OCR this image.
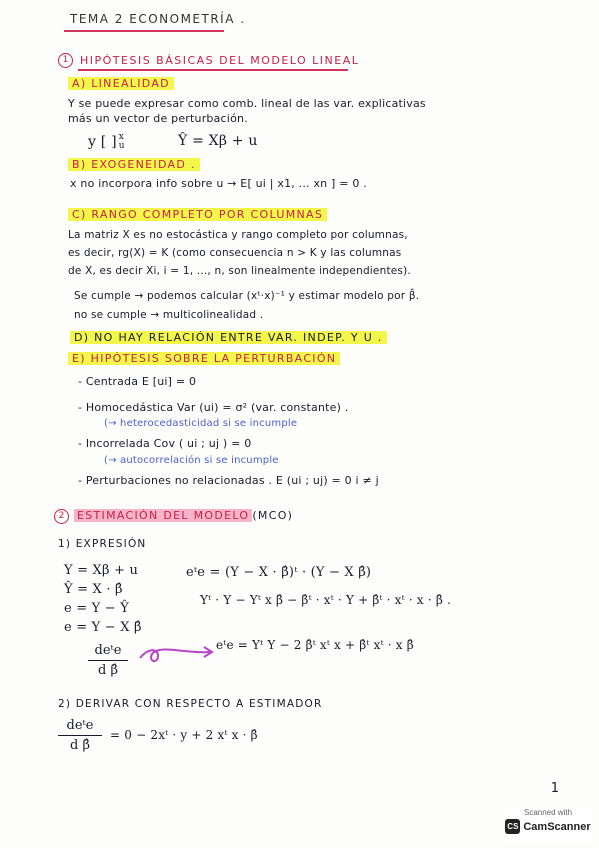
TEMA 2 ECONOMETRÍA .
1	HIPÓTESIS BÁSICAS DEL MODELO LINEAL
A) LINEALIDAD
Y se puede expresar como comb. lineal de las var. explicativas
más un vector de perturbación.
y [ ] x
u	Ŷ = Xβ + u
B) EXOGENEIDAD .
x no incorpora info sobre u → E[ ui | x1, ... xn ] = 0 .
C) RANGO COMPLETO POR COLUMNAS
La matriz X es no estocástica y rango completo por columnas,
es decir, rg(X) = K (como consecuencia n > K y las columnas
de X, es decir Xi, i = 1, ..., n, son linealmente independientes).
Se cumple → podemos calcular (xᵗ·x)⁻¹ y estimar modelo por β̂.
no se cumple → multicolinealidad .
D) NO HAY RELACIÓN ENTRE VAR. INDEP. Y U .
E) HIPÓTESIS SOBRE LA PERTURBACIÓN
- Centrada E [ui] = 0
- Homocedástica Var (ui) = σ² (var. constante) .
(→ heterocedasticidad si se incumple
- Incorrelada Cov ( ui ; uj ) = 0
(→ autocorrelación si se incumple
- Perturbaciones no relacionadas . E (ui ; uj) = 0 i ≠ j
2	ESTIMACIÓN DEL MODELO (MCO)
1) EXPRESIÓN
Y = Xβ + u
Ŷ = X · β̂
e = Y − Ŷ
e = Y − X β̂
eᵗe = (Y − X · β̂)ᵗ · (Y − X β̂)
Yᵗ · Y − Yᵗ x β̂ − β̂ᵗ · xᵗ · Y + β̂ᵗ · xᵗ · x · β̂ .
deᵗe
d β̂
eᵗe = Yᵗ Y − 2 β̂ᵗ xᵗ x + β̂ᵗ xᵗ · x β̂
2) DERIVAR CON RESPECTO A ESTIMADOR
deᵗe
d β̂
= 0 − 2xᵗ · y + 2 xᵗ x · β̂
1
Scanned with
CS CamScanner
